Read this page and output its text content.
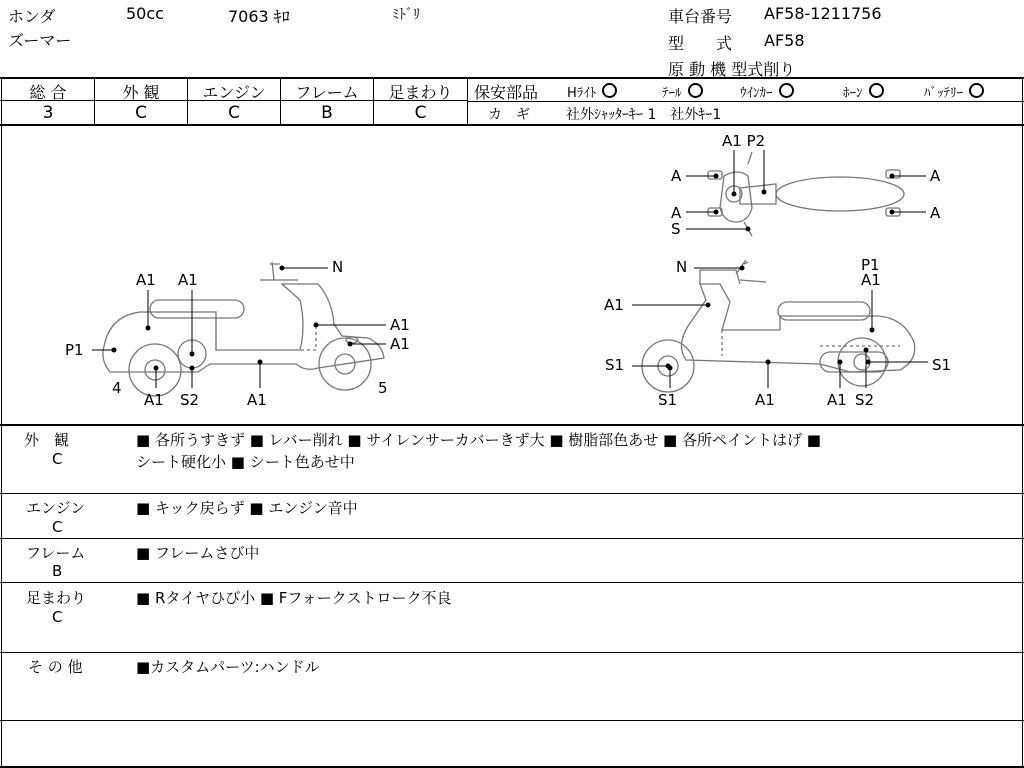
ホンダ	50cc	7063 ｷﾛ	ﾐﾄﾞﾘ
ズーマー
車台番号 AF58-1211756
型　　式 AF58
原 動 機 型式削り
総 合	外 観	エンジン	フレーム	足まわり
3	C	C	B	C
保安部品 Hﾗｲﾄ	ﾃｰﾙ	ｳｲﾝｶｰ	ﾎｰﾝ	ﾊﾞｯﾃﾘｰ
カ　ギ	社外ｼｬｯﾀｰｷｰ 1　社外ｷｰ1
A1 P2
A
A
A
A
S
A1 A1
N
A1
A1
P1
4
A1 S2	A1
5
N	P1
A1
A1
S1	S1
S1	A1	A1 S2
外　観
C
■ 各所うすきず ■ レバー削れ ■ サイレンサーカバーきず大 ■ 樹脂部色あせ ■ 各所ペイントはげ ■
シート硬化小 ■ シート色あせ中
エンジン
C
■ キック戻らず ■ エンジン音中
フレーム
B
■ フレームさび中
足まわり
C
■ Rタイヤひび小 ■ Fフォークストローク不良
そ の 他	■カスタムパーツ:ハンドル
